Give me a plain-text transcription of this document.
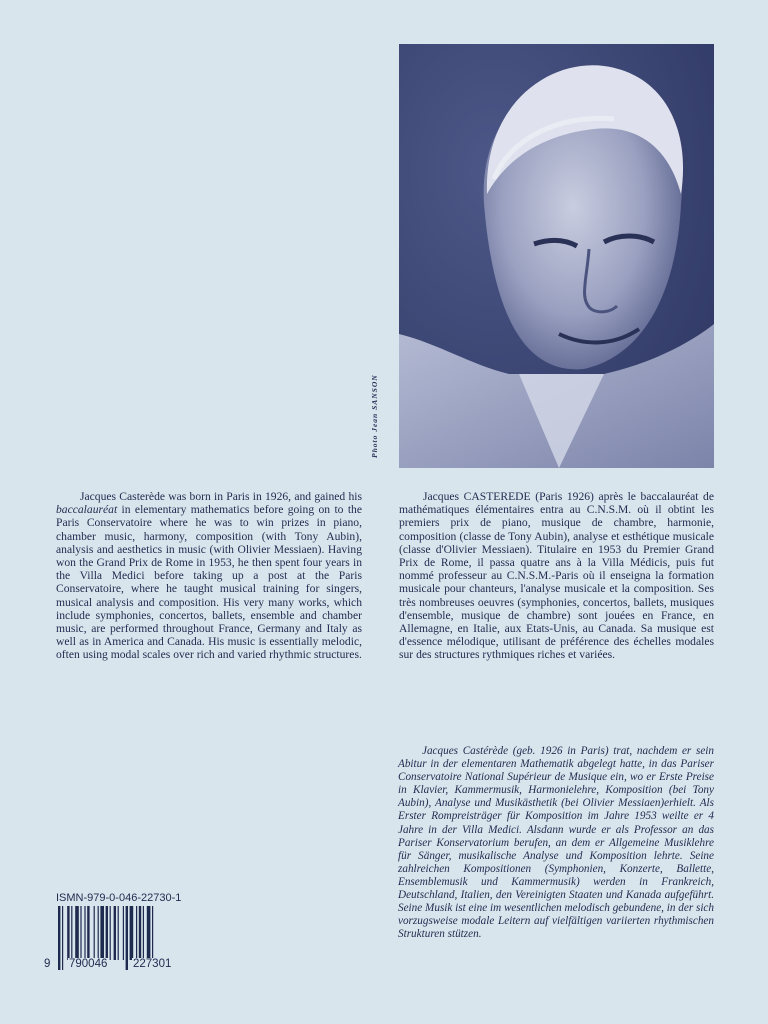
Photo Jean SANSON

Jacques Casterède was born in Paris in 1926, and gained his baccalauréat in elementary mathematics before going on to the Paris Conservatoire where he was to win prizes in piano, chamber music, harmony, composition (with Tony Aubin), analysis and aesthetics in music (with Olivier Messiaen). Having won the Grand Prix de Rome in 1953, he then spent four years in the Villa Medici before taking up a post at the Paris Conservatoire, where he taught musical training for singers, musical analysis and composition. His very many works, which include symphonies, concertos, ballets, ensemble and chamber music, are performed throughout France, Germany and Italy as well as in America and Canada. His music is essentially melodic, often using modal scales over rich and varied rhythmic structures.

Jacques CASTEREDE (Paris 1926) après le baccalauréat de mathématiques élémentaires entra au C.N.S.M. où il obtint les premiers prix de piano, musique de chambre, harmonie, composition (classe de Tony Aubin), analyse et esthétique musicale (classe d'Olivier Messiaen). Titulaire en 1953 du Premier Grand Prix de Rome, il passa quatre ans à la Villa Médicis, puis fut nommé professeur au C.N.S.M.-Paris où il enseigna la formation musicale pour chanteurs, l'analyse musicale et la composition. Ses très nombreuses oeuvres (symphonies, concertos, ballets, musiques d'ensemble, musique de chambre) sont jouées en France, en Allemagne, en Italie, aux Etats-Unis, au Canada. Sa musique est d'essence mélodique, utilisant de préférence des échelles modales sur des structures rythmiques riches et variées.

Jacques Castérède (geb. 1926 in Paris) trat, nachdem er sein Abitur in der elementaren Mathematik abgelegt hatte, in das Pariser Conservatoire National Supérieur de Musique ein, wo er Erste Preise in Klavier, Kammermusik, Harmonielehre, Komposition (bei Tony Aubin), Analyse und Musikästhetik (bei Olivier Messiaen)erhielt. Als Erster Rompreisträger für Komposition im Jahre 1953 weilte er 4 Jahre in der Villa Medici. Alsdann wurde er als Professor an das Pariser Konservatorium berufen, an dem er Allgemeine Musiklehre für Sänger, musikalische Analyse und Komposition lehrte. Seine zahlreichen Kompositionen (Symphonien, Konzerte, Ballette, Ensemblemusik und Kammermusik) werden in Frankreich, Deutschland, Italien, den Vereinigten Staaten und Kanada aufgeführt. Seine Musik ist eine im wesentlichen melodisch gebundene, in der sich vorzugsweise modale Leitern auf vielfältigen variierten rhythmischen Strukturen stützen.

ISMN-979-0-046-22730-1
9 790046 227301
